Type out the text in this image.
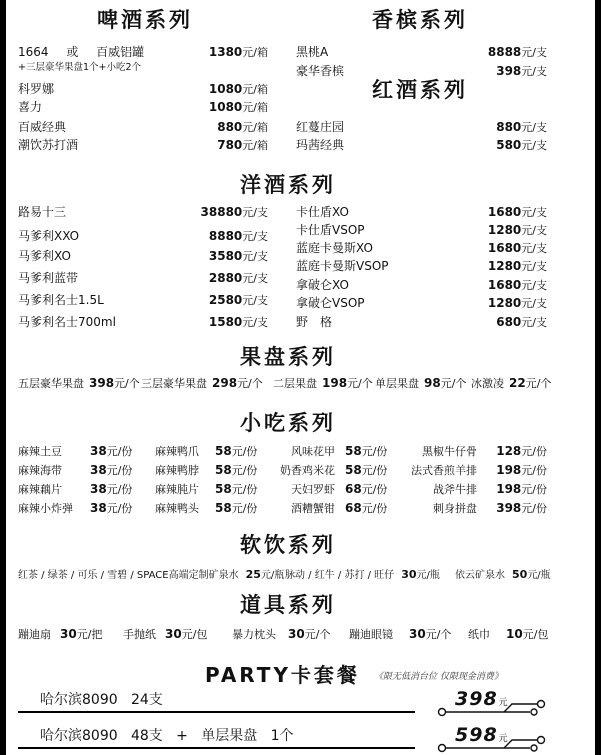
啤酒系列
1664 或 百威铝罐	1380元/箱
+三层豪华果盘1个+小吃2个
科罗娜	1080元/箱
喜力	1080元/箱
百威经典	880元/箱
潮饮苏打酒	780元/箱
香槟系列
黑桃A	8888元/支
豪华香槟	398元/支
红酒系列
红蔓庄园	880元/支
玛茜经典	580元/支
洋酒系列
路易十三	38880元/支
马爹利XXO	8880元/支
马爹利XO	3580元/支
马爹利蓝带	2880元/支
马爹利名士1.5L	2580元/支
马爹利名士700ml	1580元/支
卡仕盾XO	1680元/支
卡仕盾VSOP	1280元/支
蓝庭卡曼斯XO	1680元/支
蓝庭卡曼斯VSOP	1280元/支
拿破仑XO	1680元/支
拿破仑VSOP	1280元/支
野　格	680元/支
果盘系列
五层豪华果盘 398元/个 三层豪华果盘 298元/个 二层果盘 198元/个 单层果盘 98元/个 冰激凌 22元/个
小吃系列
麻辣土豆 38元/份 麻辣鸭爪 58元/份	风味花甲 58元/份	黑椒牛仔骨	128元/份
麻辣海带 38元/份 麻辣鸭脖 58元/份	奶香鸡米花 58元/份	法式香煎羊排	198元/份
麻辣藕片 38元/份 麻辣肫片 58元/份	天妇罗虾 68元/份	战斧牛排	198元/份
麻辣小炸弹 38元/份 麻辣鸭头 58元/份	酒糟蟹钳 68元/份	刺身拼盘	398元/份
软饮系列
红茶 / 绿茶 / 可乐 / 雪碧 / SPACE高端定制矿泉水 25元/瓶 脉动 / 红牛 / 苏打 / 旺仔 30元/瓶 依云矿泉水 50元/瓶
道具系列
蹦迪扇 30元/把 手抛纸 30元/包 暴力枕头 30元/个 蹦迪眼镜 30元/个 纸巾 10元/包
PARTY卡套餐 《限无低消台位 仅限现金消费》
哈尔滨8090   24支	398元
哈尔滨8090   48支   +   单层果盘   1个	598元
